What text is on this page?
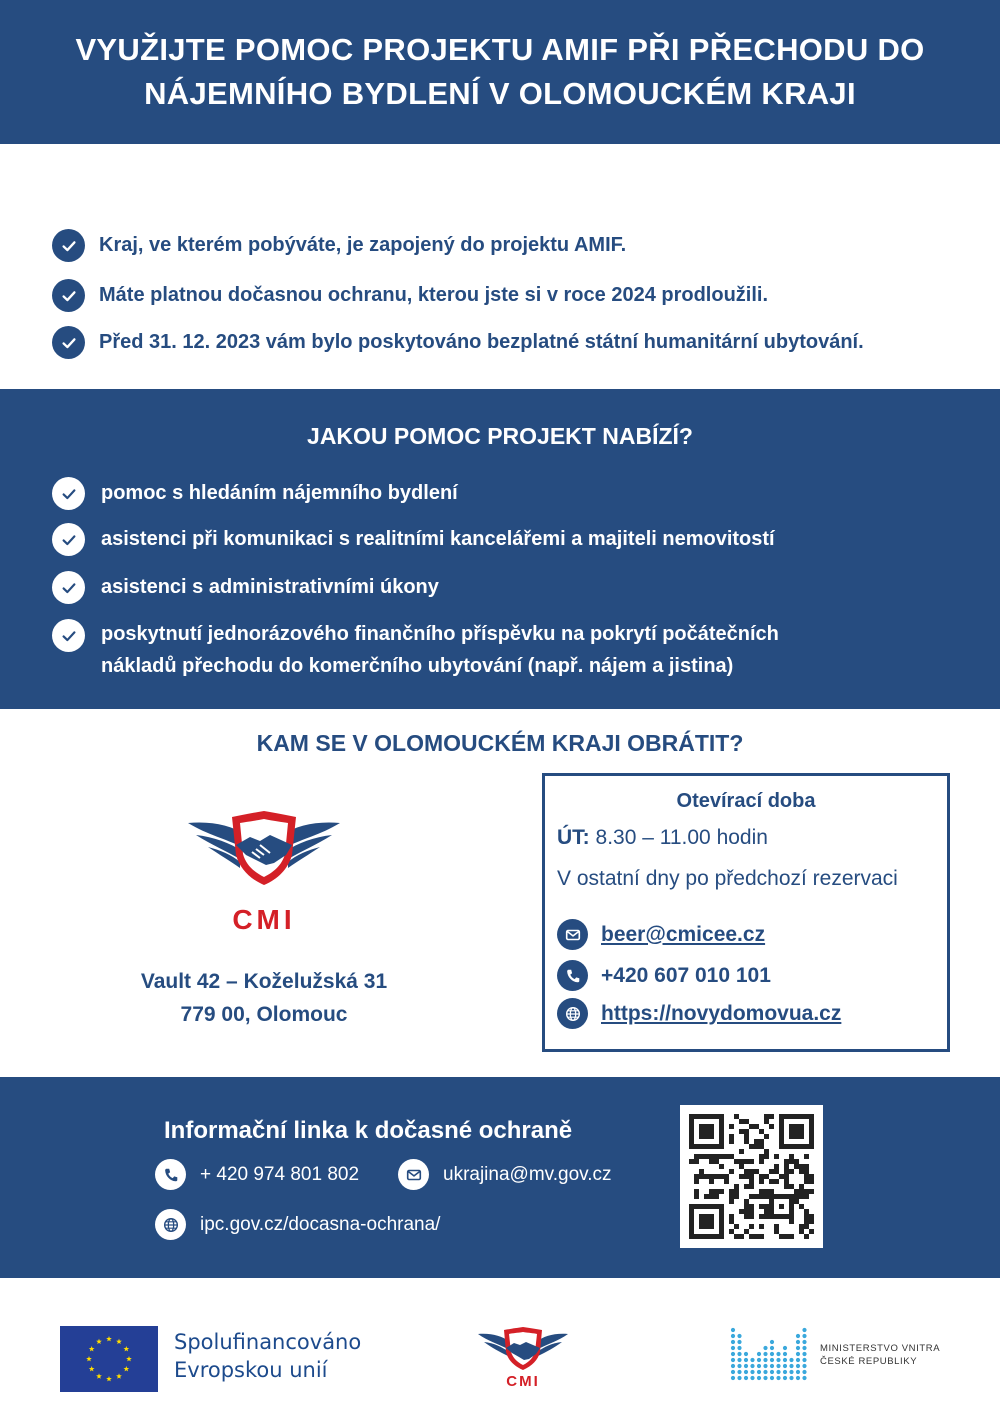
VYUŽIJTE POMOC PROJEKTU AMIF PŘI PŘECHODU DO
NÁJEMNÍHO BYDLENÍ V OLOMOUCKÉM KRAJI
Kraj, ve kterém pobýváte, je zapojený do projektu AMIF.
Máte platnou dočasnou ochranu, kterou jste si v roce 2024 prodloužili.
Před 31. 12. 2023 vám bylo poskytováno bezplatné státní humanitární ubytování.
JAKOU POMOC PROJEKT NABÍZÍ?
pomoc s hledáním nájemního bydlení
asistenci při komunikaci s realitními kancelářemi a majiteli nemovitostí
asistenci s administrativními úkony
poskytnutí jednorázového finančního příspěvku na pokrytí počátečních
nákladů přechodu do komerčního ubytování (např. nájem a jistina)
KAM SE V OLOMOUCKÉM KRAJI OBRÁTIT?
CMI
Vault 42 – Koželužská 31
779 00, Olomouc
Otevírací doba
ÚT: 8.30 – 11.00 hodin
V ostatní dny po předchozí rezervaci
beer@cmicee.cz
+420 607 010 101
https://novydomovua.cz
Informační linka k dočasné ochraně
+ 420 974 801 802	ukrajina@mv.gov.cz
ipc.gov.cz/docasna-ochrana/
Spolufinancováno
Evropskou unií	CMI
MINISTERSTVO VNITRA
ČESKÉ REPUBLIKY
